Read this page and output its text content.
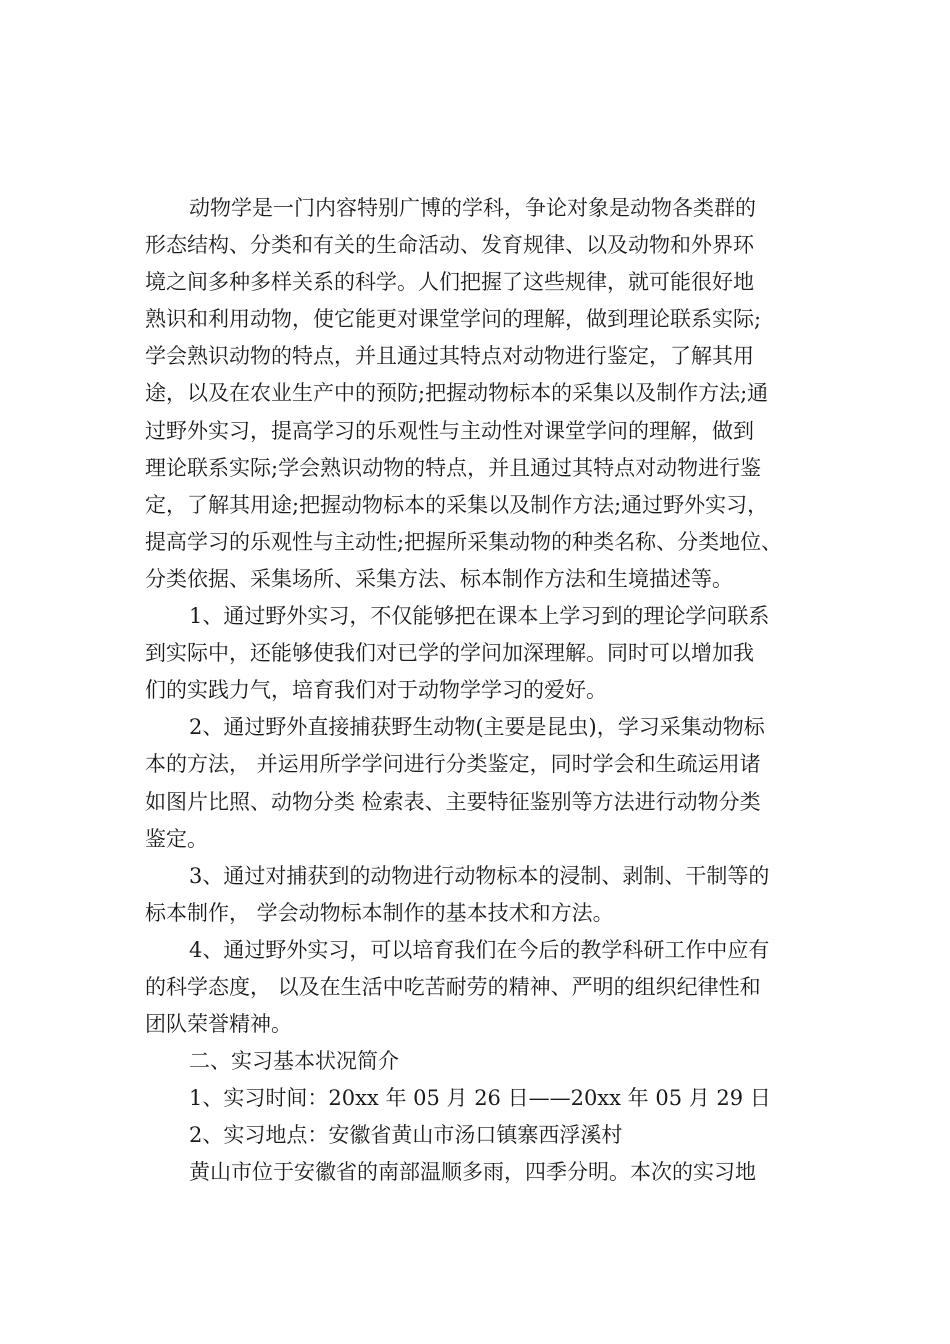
动物学是一门内容特别广博的学科，争论对象是动物各类群的
形态结构、分类和有关的生命活动、发育规律、以及动物和外界环
境之间多种多样关系的科学。人们把握了这些规律，就可能很好地
熟识和利用动物，使它能更对课堂学问的理解，做到理论联系实际;
学会熟识动物的特点，并且通过其特点对动物进行鉴定，了解其用
途，以及在农业生产中的预防;把握动物标本的采集以及制作方法;通
过野外实习，提高学习的乐观性与主动性对课堂学问的理解，做到
理论联系实际;学会熟识动物的特点，并且通过其特点对动物进行鉴
定，了解其用途;把握动物标本的采集以及制作方法;通过野外实习，
提高学习的乐观性与主动性;把握所采集动物的种类名称、分类地位、
分类依据、采集场所、采集方法、标本制作方法和生境描述等。
1、通过野外实习，不仅能够把在课本上学习到的理论学问联系
到实际中，还能够使我们对已学的学问加深理解。同时可以增加我
们的实践力气，培育我们对于动物学学习的爱好。
2、通过野外直接捕获野生动物(主要是昆虫)，学习采集动物标
本的方法， 并运用所学学问进行分类鉴定，同时学会和生疏运用诸
如图片比照、动物分类 检索表、主要特征鉴别等方法进行动物分类
鉴定。
3、通过对捕获到的动物进行动物标本的浸制、剥制、干制等的
标本制作， 学会动物标本制作的基本技术和方法。
4、通过野外实习，可以培育我们在今后的教学科研工作中应有
的科学态度， 以及在生活中吃苦耐劳的精神、严明的组织纪律性和
团队荣誉精神。
二、实习基本状况简介
1、实习时间：20xx 年 05 月 26 日——20xx 年 05 月 29 日
2、实习地点：安徽省黄山市汤口镇寨西浮溪村
黄山市位于安徽省的南部温顺多雨，四季分明。本次的实习地
